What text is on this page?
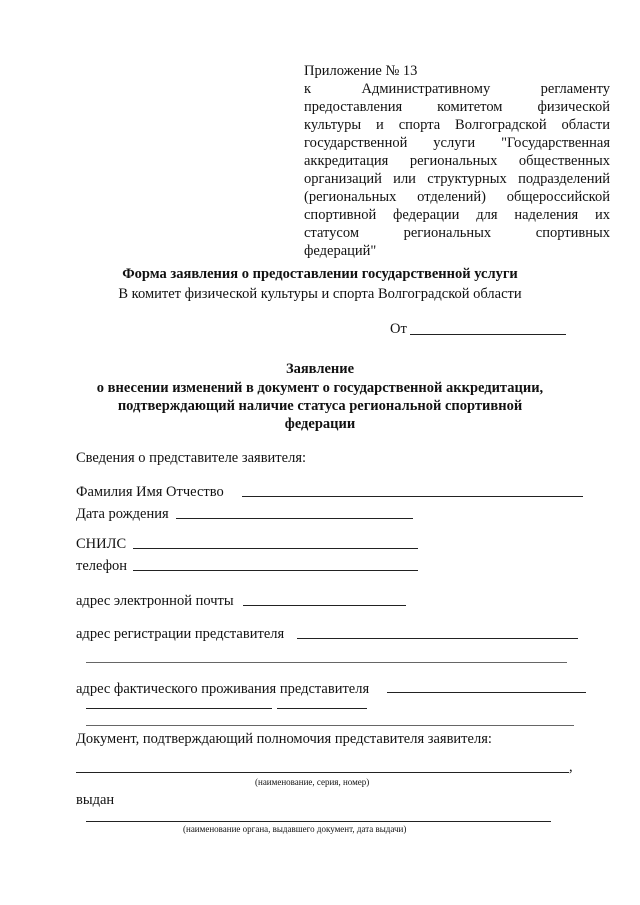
Приложение № 13
к Административному регламенту
предоставления комитетом физической
культуры и спорта Волгоградской области
государственной услуги "Государственная
аккредитация региональных общественных
организаций или структурных подразделений
(региональных отделений) общероссийской
спортивной федерации для наделения их
статусом региональных спортивных
федераций"
Форма заявления о предоставлении государственной услуги
В комитет физической культуры и спорта Волгоградской области
От
Заявление
о внесении изменений в документ о государственной аккредитации,
подтверждающий наличие статуса региональной спортивной
федерации
Сведения о представителе заявителя:
Фамилия Имя Отчество
Дата рождения
СНИЛС
телефон
адрес электронной почты
адрес регистрации представителя
адрес фактического проживания представителя
Документ, подтверждающий полномочия представителя заявителя:
,
(наименование, серия, номер)
выдан
(наименование органа, выдавшего документ, дата выдачи)
